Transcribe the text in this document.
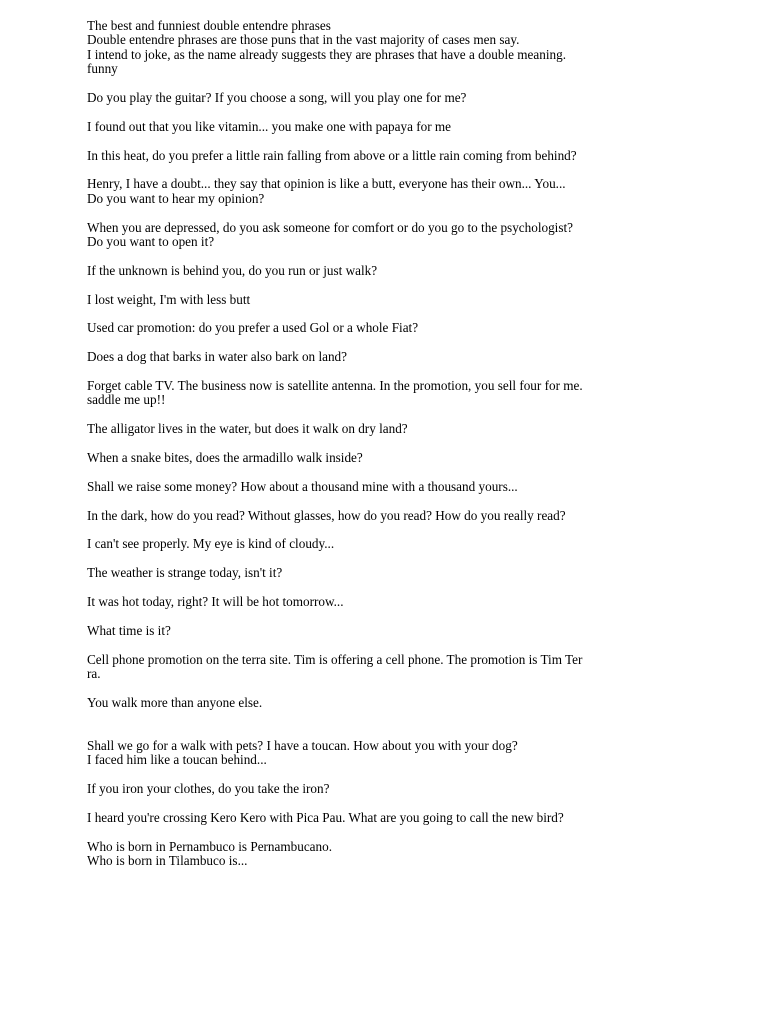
The best and funniest double entendre phrases
Double entendre phrases are those puns that in the vast majority of cases men say.
I intend to joke, as the name already suggests they are phrases that have a double meaning.
funny
Do you play the guitar? If you choose a song, will you play one for me?
I found out that you like vitamin... you make one with papaya for me
In this heat, do you prefer a little rain falling from above or a little rain coming from behind?
Henry, I have a doubt... they say that opinion is like a butt, everyone has their own... You...
Do you want to hear my opinion?
When you are depressed, do you ask someone for comfort or do you go to the psychologist?
Do you want to open it?
If the unknown is behind you, do you run or just walk?
I lost weight, I'm with less butt
Used car promotion: do you prefer a used Gol or a whole Fiat?
Does a dog that barks in water also bark on land?
Forget cable TV. The business now is satellite antenna. In the promotion, you sell four for me.
saddle me up!!
The alligator lives in the water, but does it walk on dry land?
When a snake bites, does the armadillo walk inside?
Shall we raise some money? How about a thousand mine with a thousand yours...
In the dark, how do you read? Without glasses, how do you read? How do you really read?
I can't see properly. My eye is kind of cloudy...
The weather is strange today, isn't it?
It was hot today, right? It will be hot tomorrow...
What time is it?
Cell phone promotion on the terra site. Tim is offering a cell phone. The promotion is Tim Ter
ra.
You walk more than anyone else.
Shall we go for a walk with pets? I have a toucan. How about you with your dog?
I faced him like a toucan behind...
If you iron your clothes, do you take the iron?
I heard you're crossing Kero Kero with Pica Pau. What are you going to call the new bird?
Who is born in Pernambuco is Pernambucano.
Who is born in Tilambuco is...
